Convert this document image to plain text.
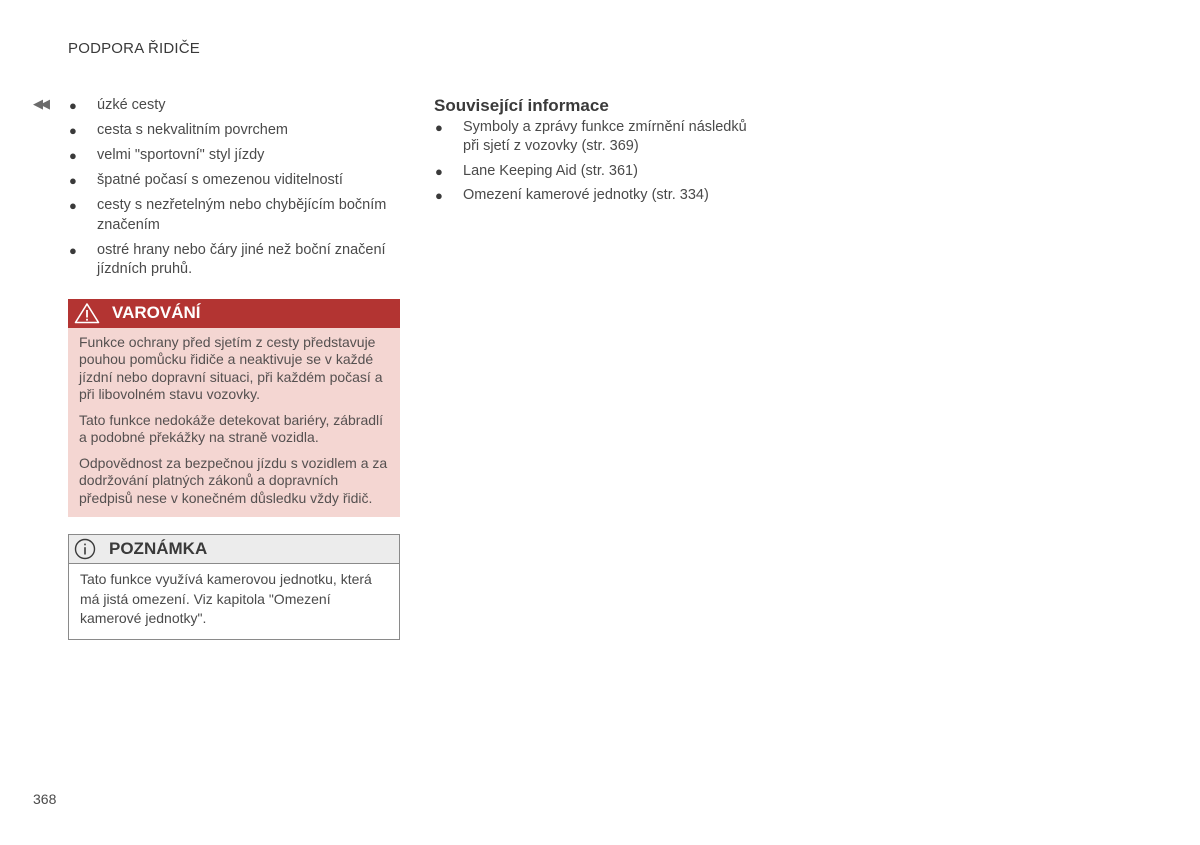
PODPORA ŘIDIČE
◀◀ ● úzké cesty
● cesta s nekvalitním povrchem
● velmi "sportovní" styl jízdy
● špatné počasí s omezenou viditelností
● cesty s nezřetelným nebo chybějícím bočním značením
● ostré hrany nebo čáry jiné než boční značení jízdních pruhů.
VAROVÁNÍ

Funkce ochrany před sjetím z cesty představuje pouhou pomůcku řidiče a neaktivuje se v každé jízdní nebo dopravní situaci, při každém počasí a při libovolném stavu vozovky.

Tato funkce nedokáže detekovat bariéry, zábradlí a podobné překážky na straně vozidla.

Odpovědnost za bezpečnou jízdu s vozidlem a za dodržování platných zákonů a dopravních předpisů nese v konečném důsledku vždy řidič.

POZNÁMKA

Tato funkce využívá kamerovou jednotku, která má jistá omezení. Viz kapitola "Omezení kamerové jednotky".

Související informace
● Symboly a zprávy funkce zmírnění následků při sjetí z vozovky (str. 369)
● Lane Keeping Aid (str. 361)
● Omezení kamerové jednotky (str. 334)
368
